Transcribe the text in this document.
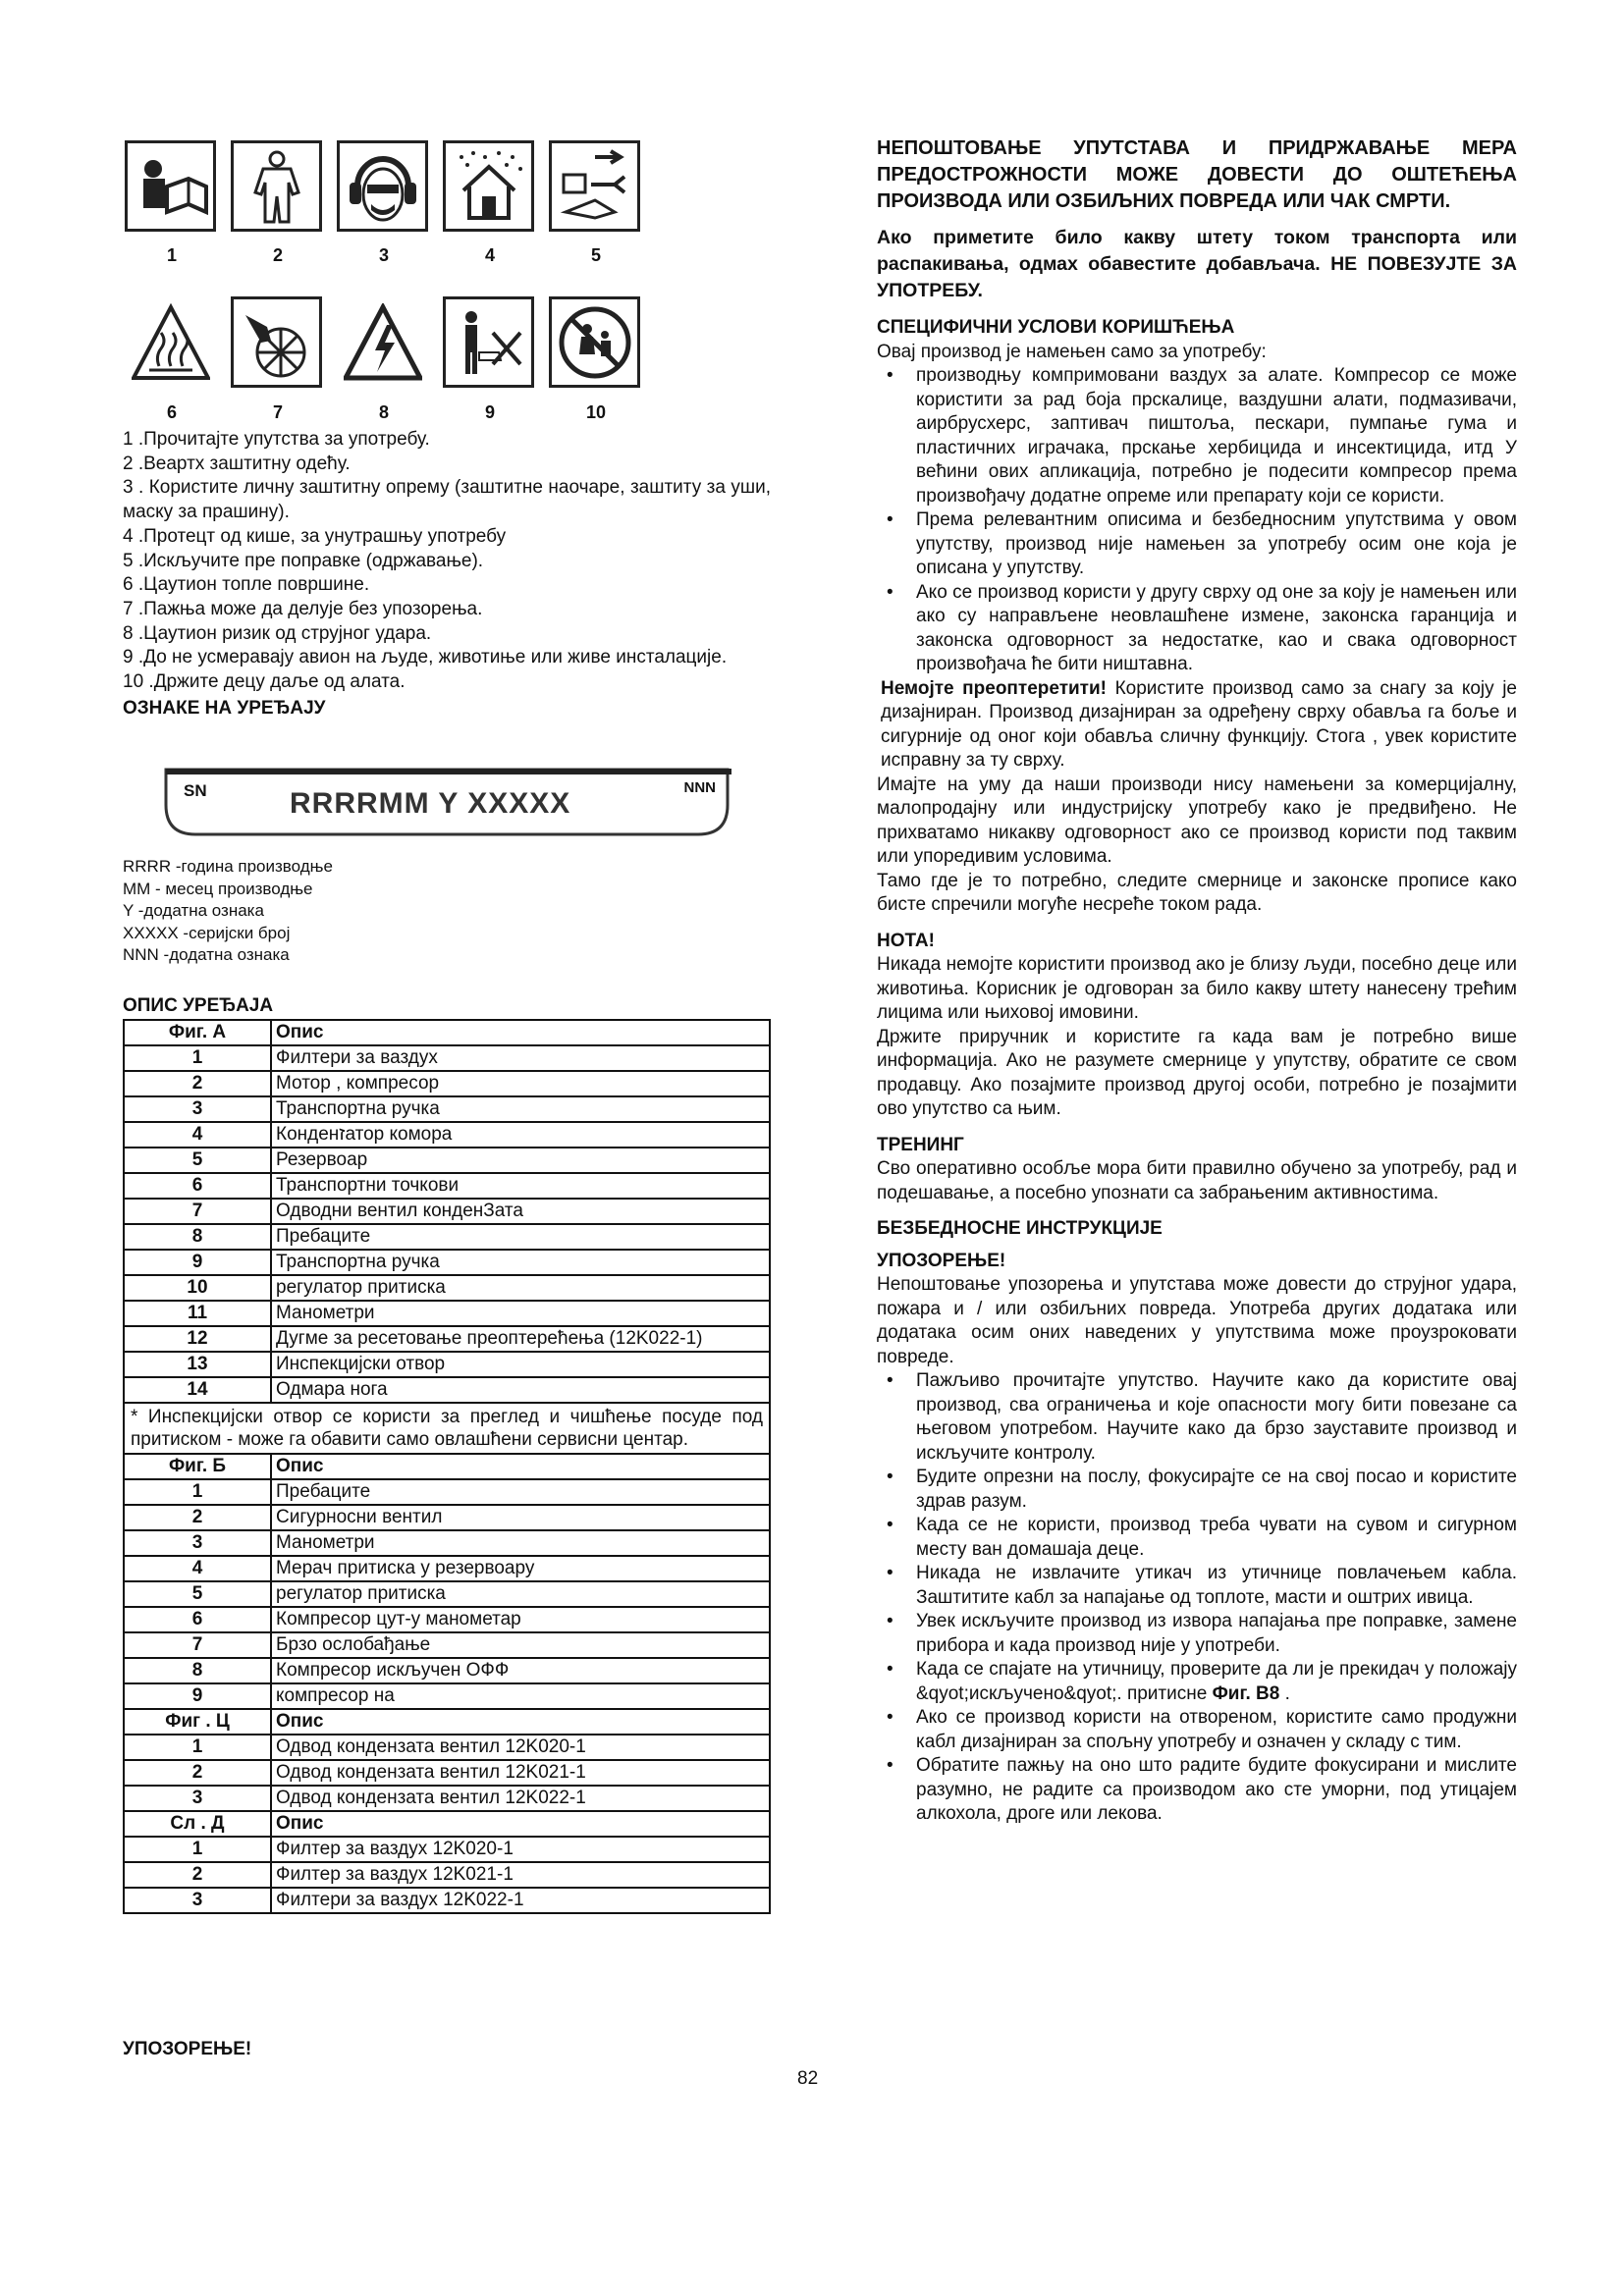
1	2	3	4	5
6	7	8	9	10
1 .Прочитајте упутства за употребу.
2 .Веартх заштитну одећу.
3 . Користите личну заштитну опрему (заштитне наочаре, заштиту за уши, маску за прашину).
4 .Протецт од кише, за унутрашњу употребу
5 .Искључите пре поправке (одржавање).
6 .Цаутион топле површине.
7 .Пажња може да делује без упозорења.
8 .Цаутион ризик од струјног удара.
9 .До не усмеравају авион на људе, животиње или живе инсталације.
10 .Држите децу даље од алата.
ОЗНАКЕ НА УРЕЂАЈУ
SN	RRRRMM Y XXXXX	NNN
RRRR -година производње
MM - месец производње
Y -додатна ознака
XXXXX -серијски број
NNN -додатна ознака
ОПИС УРЕЂАЈА
Фиг. А	Опис
1	Филтери за ваздух
2	Мотор , компресор
3	Транспортна ручка
4	Конденזатор комора
5	Резервоар
6	Транспортни точкови
7	Одводни вентил конденЗата
8	Пребаците
9	Транспортна ручка
10	регулатор притиска
11	Манометри
12	Дугме за ресетовање преоптерећења (12K022-1)
13	Инспекцијски отвор
14	Одмара нога
* Инспекцијски отвор се користи за преглед и чишћење посуде под притиском - може га обавити само овлашћени сервисни центар.	
Фиг. Б	Опис
1	Пребаците
2	Сигурносни вентил
3	Манометри
4	Мерач притиска у резервоару
5	регулатор притиска
6	Компресор цут-у манометар
7	Брзо ослобађање
8	Компресор искључен ОФФ
9	компресор на
Фиг . Ц	Опис
1	Одвод кондензата вентил 12K020-1
2	Одвод кондензата вентил 12K021-1
3	Одвод кондензата вентил 12K022-1
Сл . Д	Опис
1	Филтер за ваздух 12K020-1
2	Филтер за ваздух 12K021-1
3	Филтери за ваздух 12K022-1
УПОЗОРЕЊЕ!

НЕПОШТОВАЊЕ УПУТСТАВА И ПРИДРЖАВАЊЕ МЕРА ПРЕДОСТРОЖНОСТИ МОЖЕ ДОВЕСТИ ДО ОШТЕЋЕЊА ПРОИЗВОДА ИЛИ ОЗБИЉНИХ ПОВРЕДА ИЛИ ЧАК СМРТИ.

Ако приметите било какву штету током транспорта или распакивања, одмах обавестите добављача. НЕ ПОВЕЗУЈТЕ ЗА УПОТРЕБУ.

СПЕЦИФИЧНИ УСЛОВИ КОРИШЋЕЊА

Овај производ је намењен само за употребу:

• производњу компримовани ваздух за алате. Компресор се може користити за рад боја прскалице, ваздушни алати, подмазивачи, аирбрусхерс, заптивач пиштоља, пескари, пумпање гума и пластичних играчака, прскање хербицида и инсектицида, итд У већини ових апликација, потребно је подесити компресор према произвођачу додатне опреме или препарату који се користи.
• Према релевантним описима и безбедносним упутствима у овом упутству, производ није намењен за употребу осим оне која је описана у упутству.
• Ако се производ користи у другу сврху од оне за коју је намењен или ако су направљене неовлашћене измене, законска гаранција и законска одговорност за недостатке, као и свака одговорност произвођача ће бити ништавна.

Немојте преоптеретити! Користите производ само за снагу за коју је дизајниран. Производ дизајниран за одређену сврху обавља га боље и сигурније од оног који обавља сличну функцију. Стога , увек користите исправну за ту сврху.

Имајте на уму да наши производи нису намењени за комерцијалну, малопродајну или индустријску употребу како је предвиђено. Не прихватамо никакву одговорност ако се производ користи под таквим или упоредивим условима.

Тамо где је то потребно, следите смернице и законске прописе како бисте спречили могуће несреће током рада.

НОТА!

Никада немојте користити производ ако је близу људи, посебно деце или животиња. Корисник је одговоран за било какву штету нанесену трећим лицима или њиховој имовини.

Држите приручник и користите га када вам је потребно више информација. Ако не разумете смернице у упутству, обратите се свом продавцу. Ако позајмите производ другој особи, потребно је позајмити ово упутство са њим.

ТРЕНИНГ

Сво оперативно особље мора бити правилно обучено за употребу, рад и подешавање, а посебно упознати са забрањеним активностима.

БЕЗБЕДНОСНЕ ИНСТРУКЦИЈЕ

УПОЗОРЕЊЕ!

Непоштовање упозорења и упутстава може довести до струјног удара, пожара и / или озбиљних повреда. Употреба других додатака или додатака осим оних наведених у упутствима може проузроковати повреде.

• Пажљиво прочитајте упутство. Научите како да користите овај производ, сва ограничења и које опасности могу бити повезане са његовом употребом. Научите како да брзо зауставите производ и искључите контролу.
• Будите опрезни на послу, фокусирајте се на свој посао и користите здрав разум.
• Када се не користи, производ треба чувати на сувом и сигурном месту ван домашаја деце.
• Никада не извлачите утикач из утичнице повлачењем кабла. Заштитите кабл за напајање од топлоте, масти и оштрих ивица.
• Увек искључите производ из извора напајања пре поправке, замене прибора и када производ није у употреби.
• Када се спајате на утичницу, проверите да ли је прекидач у положају &qyot;искључено&qyot;. притисне Фиг. В8 .
• Ако се производ користи на отвореном, користите само продужни кабл дизајниран за спољну употребу и означен у складу с тим.
• Обратите пажњу на оно што радите будите фокусирани и мислите разумно, не радите са производом ако сте уморни, под утицајем алкохола, дроге или лекова.
82
